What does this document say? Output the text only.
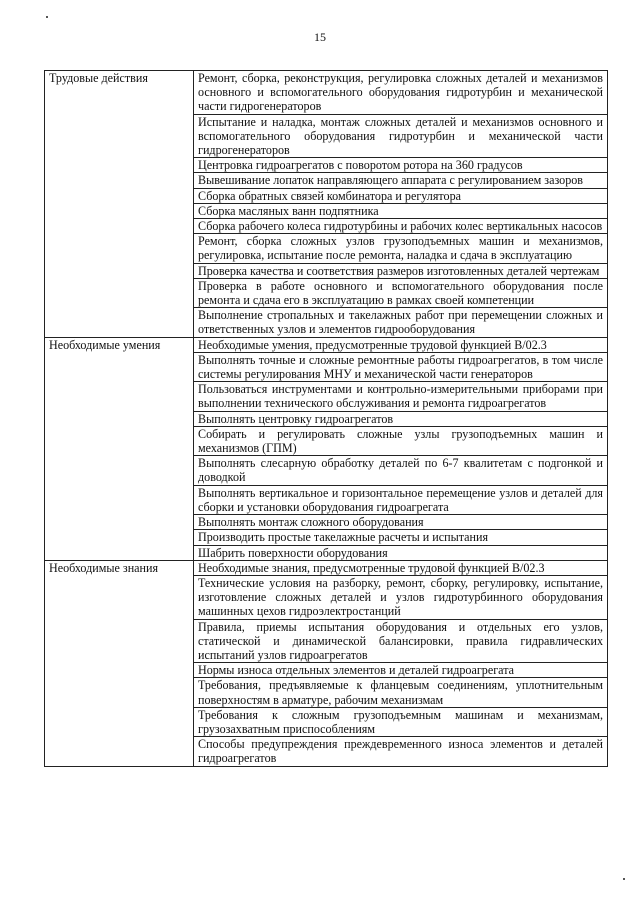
15
Трудовые действия	Ремонт, сборка, реконструкция, регулировка сложных деталей и механизмов основного и вспомогательного оборудования гидротурбин и механической части гидрогенераторов
	Испытание и наладка, монтаж сложных деталей и механизмов основного и вспомогательного оборудования гидротурбин и механической части гидрогенераторов
	Центровка гидроагрегатов с поворотом ротора на 360 градусов
	Вывешивание лопаток направляющего аппарата с регулированием зазоров
	Сборка обратных связей комбинатора и регулятора
	Сборка масляных ванн подпятника
	Сборка рабочего колеса гидротурбины и рабочих колес вертикальных насосов
	Ремонт, сборка сложных узлов грузоподъемных машин и механизмов, регулировка, испытание после ремонта, наладка и сдача в эксплуатацию
	Проверка качества и соответствия размеров изготовленных деталей чертежам
	Проверка в работе основного и вспомогательного оборудования после ремонта и сдача его в эксплуатацию в рамках своей компетенции
	Выполнение стропальных и такелажных работ при перемещении сложных и ответственных узлов и элементов гидрооборудования
Необходимые умения	Необходимые умения, предусмотренные трудовой функцией В/02.3
	Выполнять точные и сложные ремонтные работы гидроагрегатов, в том числе системы регулирования МНУ и механической части генераторов
	Пользоваться инструментами и контрольно-измерительными приборами при выполнении технического обслуживания и ремонта гидроагрегатов
	Выполнять центровку гидроагрегатов
	Собирать и регулировать сложные узлы грузоподъемных машин и механизмов (ГПМ)
	Выполнять слесарную обработку деталей по 6-7 квалитетам с подгонкой и доводкой
	Выполнять вертикальное и горизонтальное перемещение узлов и деталей для сборки и установки оборудования гидроагрегата
	Выполнять монтаж сложного оборудования
	Производить простые такелажные расчеты и испытания
	Шабрить поверхности оборудования
Необходимые знания	Необходимые знания, предусмотренные трудовой функцией В/02.3
	Технические условия на разборку, ремонт, сборку, регулировку, испытание, изготовление сложных деталей и узлов гидротурбинного оборудования машинных цехов гидроэлектростанций
	Правила, приемы испытания оборудования и отдельных его узлов, статической и динамической балансировки, правила гидравлических испытаний узлов гидроагрегатов
	Нормы износа отдельных элементов и деталей гидроагрегата
	Требования, предъявляемые к фланцевым соединениям, уплотнительным поверхностям в арматуре, рабочим механизмам
	Требования к сложным грузоподъемным машинам и механизмам, грузозахватным приспособлениям
	Способы предупреждения преждевременного износа элементов и деталей гидроагрегатов
